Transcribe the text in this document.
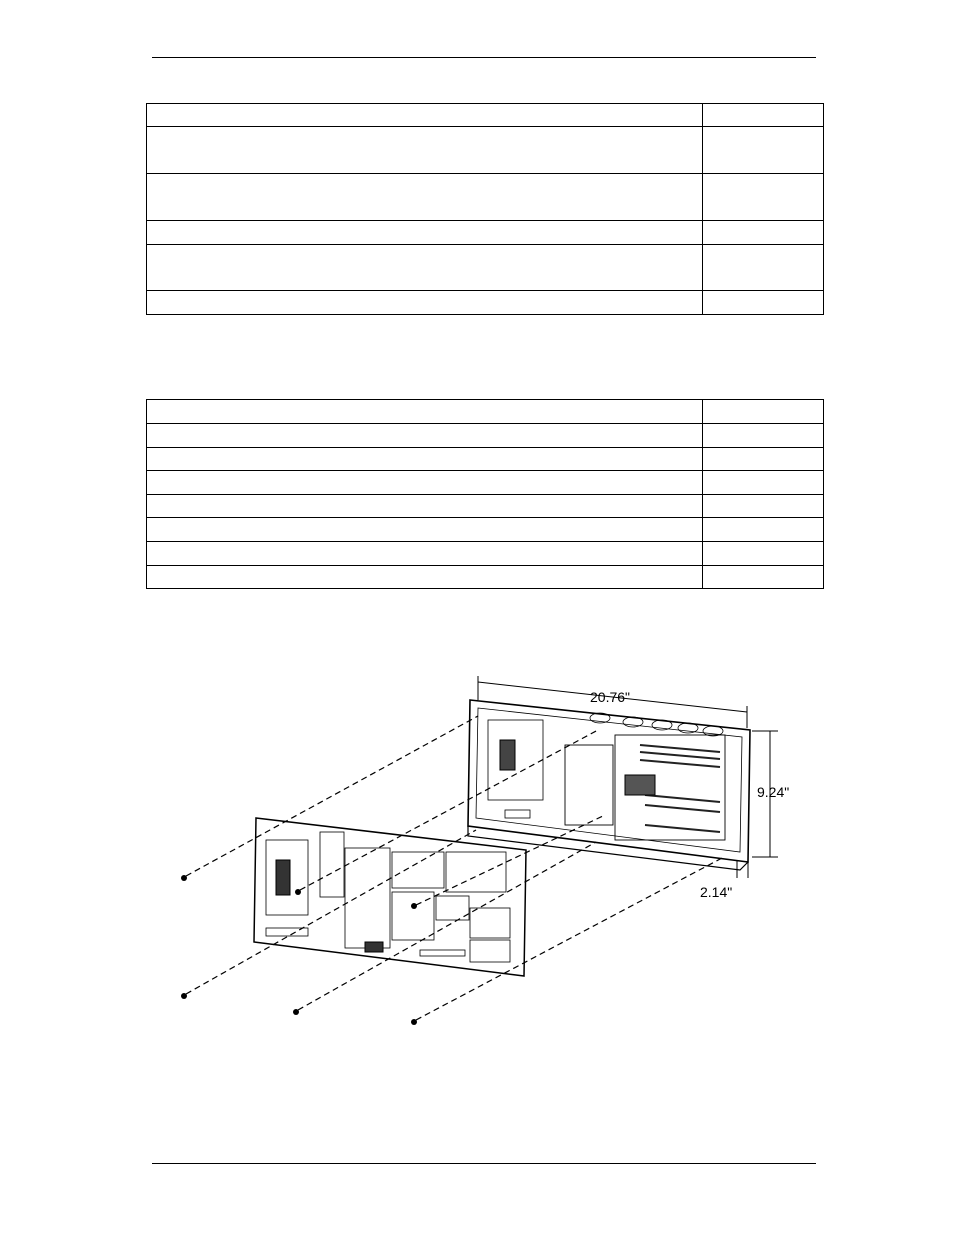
20.76"
9.24"
2.14"
